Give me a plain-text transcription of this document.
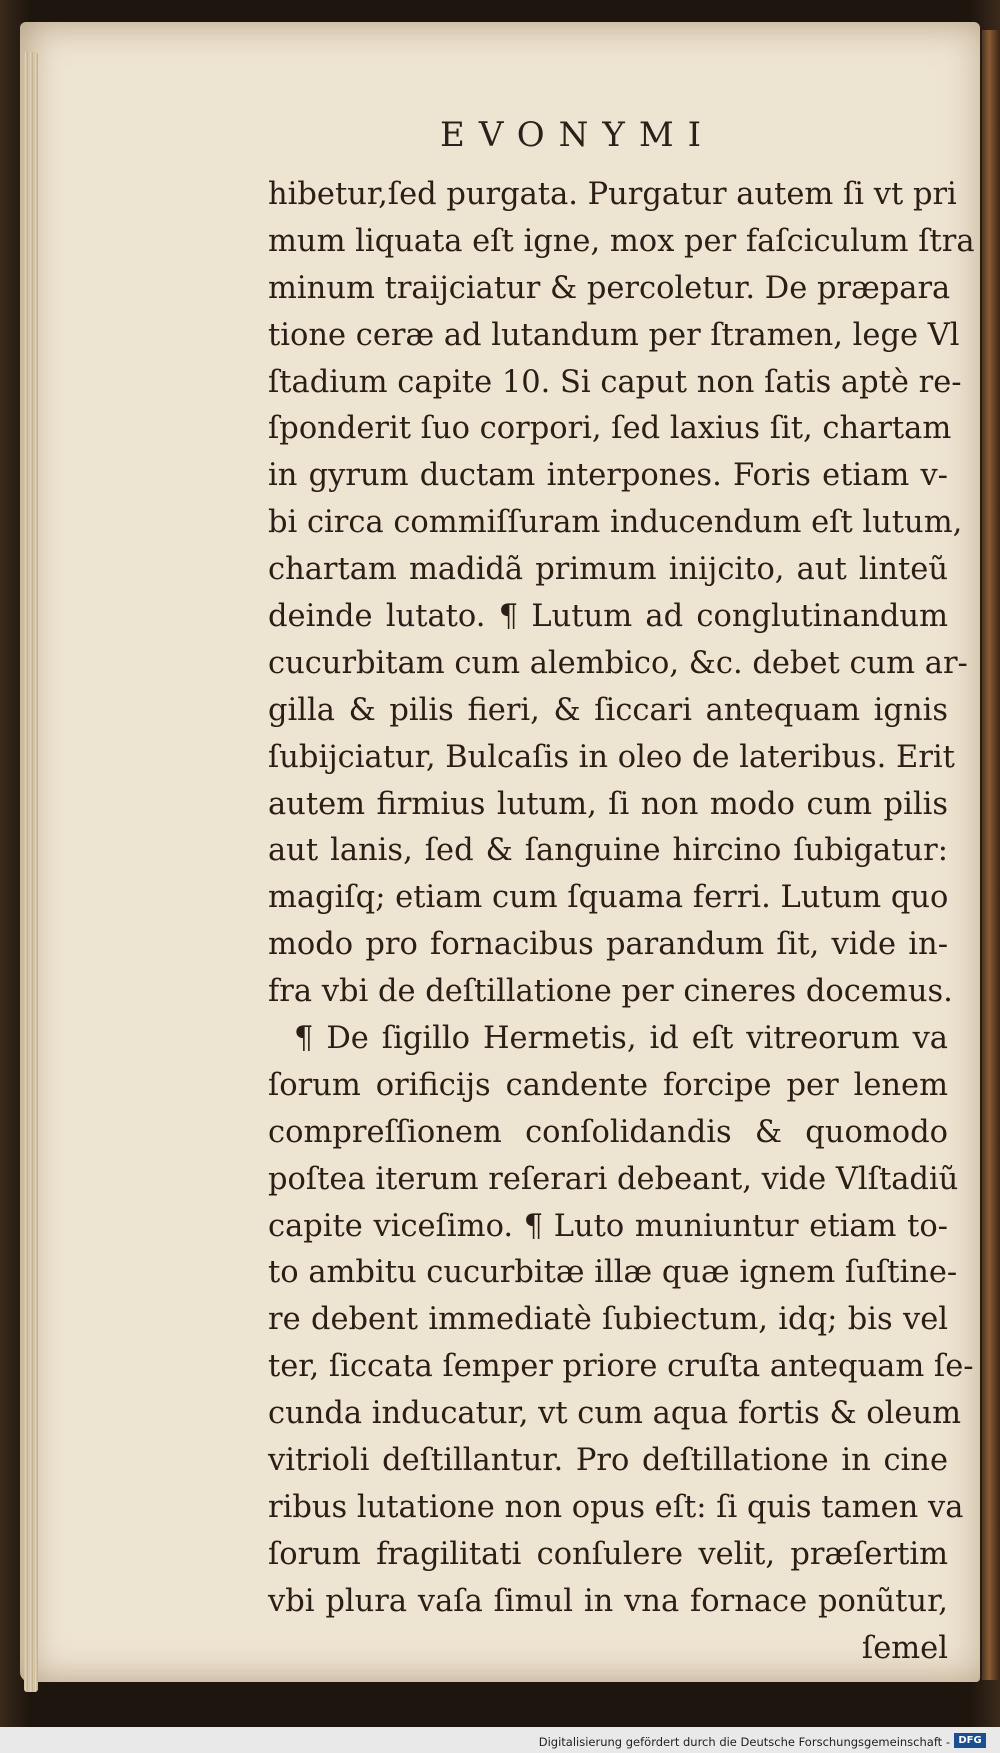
EVONYMI
hibetur,ſed purgata. Purgatur autem ſi vt pri
mum liquata eſt igne, mox per faſciculum ſtra
minum traijciatur & percoletur. De præpara
tione ceræ ad lutandum per ſtramen, lege Vl
ſtadium capite 10. Si caput non ſatis aptè re-
ſponderit ſuo corpori, ſed laxius ſit, chartam
in gyrum ductam interpones. Foris etiam v-
bi circa commiſſuram inducendum eſt lutum,
chartam madidã primum inijcito, aut linteũ
deinde lutato. ¶ Lutum ad conglutinandum
cucurbitam cum alembico, &c. debet cum ar-
gilla & pilis fieri, & ſiccari antequam ignis
ſubijciatur, Bulcaſis in oleo de lateribus. Erit
autem firmius lutum, ſi non modo cum pilis
aut lanis, ſed & ſanguine hircino ſubigatur:
magiſq; etiam cum ſquama ferri. Lutum quo
modo pro fornacibus parandum ſit, vide in-
fra vbi de deſtillatione per cineres docemus.
¶ De ſigillo Hermetis, id eſt vitreorum va
ſorum orificijs candente forcipe per lenem
compreſſionem conſolidandis & quomodo
poſtea iterum reſerari debeant, vide Vlſtadiũ
capite viceſimo. ¶ Luto muniuntur etiam to-
to ambitu cucurbitæ illæ quæ ignem ſuſtine-
re debent immediatè ſubiectum, idq; bis vel
ter, ſiccata ſemper priore cruſta antequam ſe-
cunda inducatur, vt cum aqua fortis & oleum
vitrioli deſtillantur. Pro deſtillatione in cine
ribus lutatione non opus eſt: ſi quis tamen va
ſorum fragilitati conſulere velit, præſertim
vbi plura vaſa ſimul in vna fornace ponũtur,
ſemel
Digitalisierung gefördert durch die Deutsche Forschungsgemeinschaft - DFG
